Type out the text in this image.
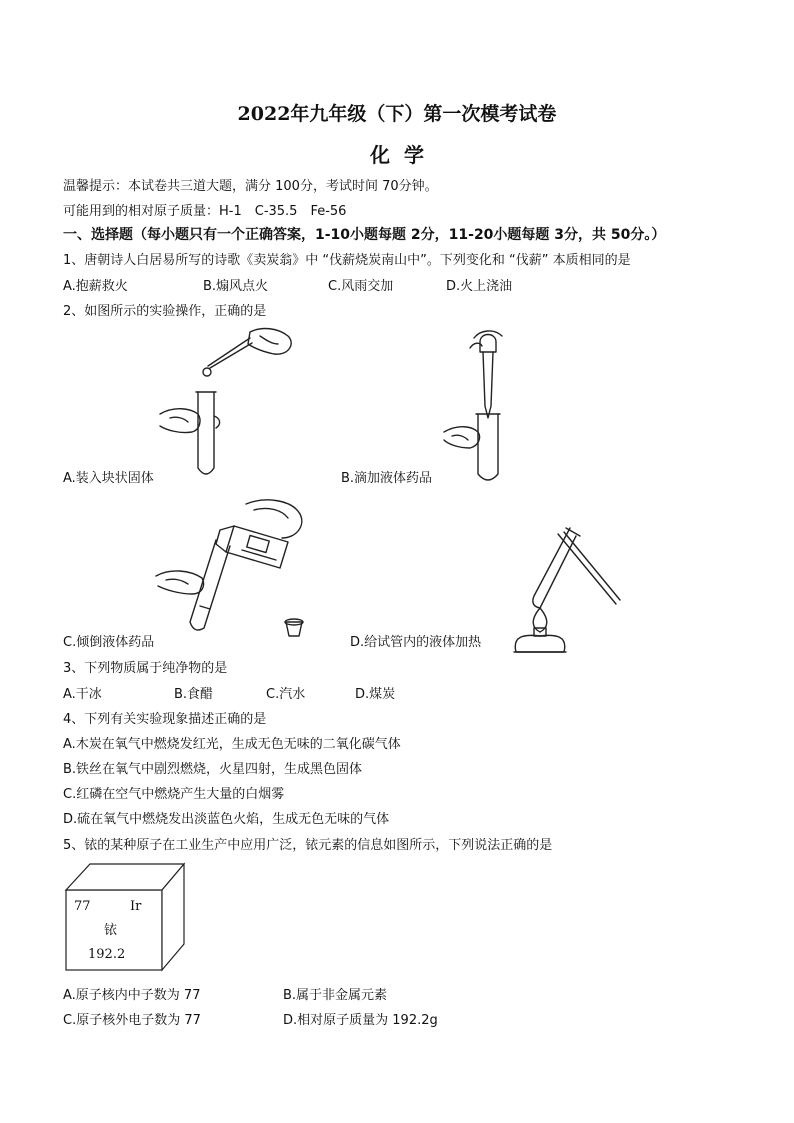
2022年九年级（下）第一次模考试卷
化学
温馨提示：本试卷共三道大题，满分 100分，考试时间 70分钟。
可能用到的相对原子质量：H-1　C-35.5　Fe-56
一、选择题（每小题只有一个正确答案，1-10小题每题 2分，11-20小题每题 3分，共 50分。）
1、唐朝诗人白居易所写的诗歌《卖炭翁》中 “伐薪烧炭南山中”。下列变化和 “伐薪” 本质相同的是
A.抱薪救火	B.煽风点火	C.风雨交加	D.火上浇油
2、如图所示的实验操作，正确的是
A.装入块状固体	B.滴加液体药品
C.倾倒液体药品	D.给试管内的液体加热
3、下列物质属于纯净物的是
A.干冰	B.食醋	C.汽水	D.煤炭
4、下列有关实验现象描述正确的是
A.木炭在氧气中燃烧发红光，生成无色无味的二氧化碳气体
B.铁丝在氧气中剧烈燃烧，火星四射，生成黑色固体
C.红磷在空气中燃烧产生大量的白烟雾
D.硫在氧气中燃烧发出淡蓝色火焰，生成无色无味的气体
5、铱的某种原子在工业生产中应用广泛，铱元素的信息如图所示，下列说法正确的是
77	Ir
铱
192.2
A.原子核内中子数为 77	B.属于非金属元素
C.原子核外电子数为 77	D.相对原子质量为 192.2g
